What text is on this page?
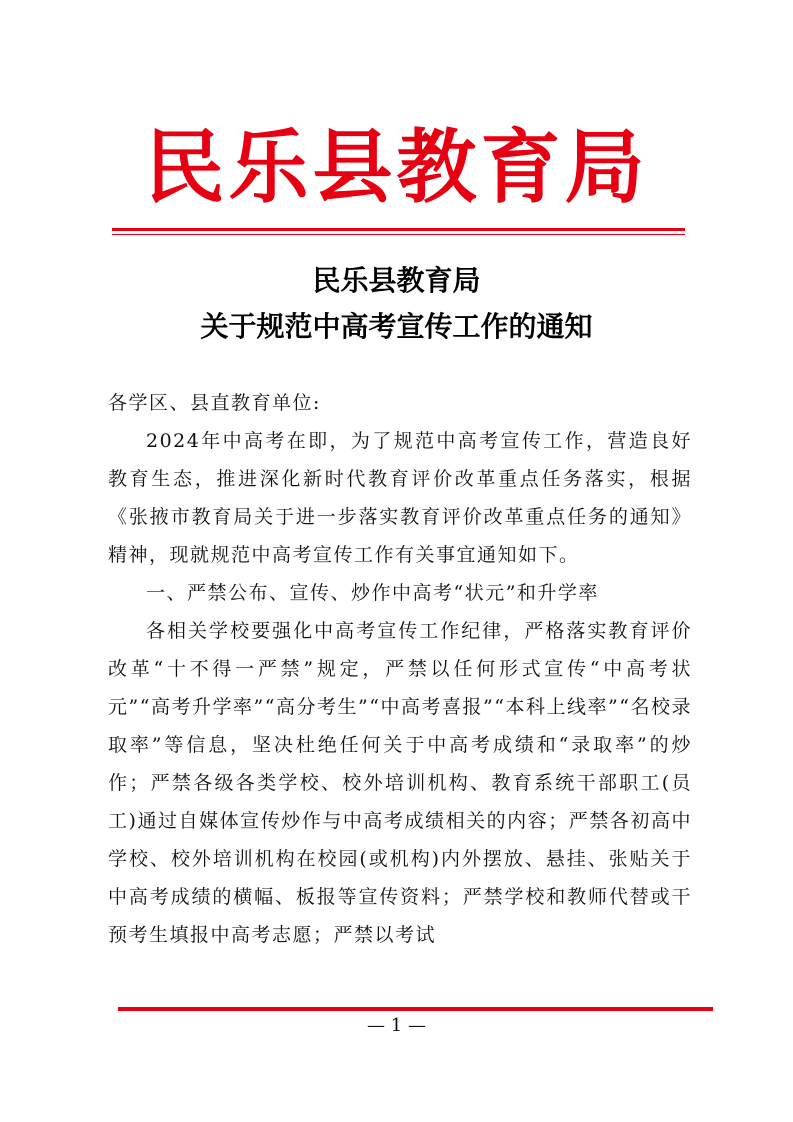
民乐县教育局
民乐县教育局
关于规范中高考宣传工作的通知

各学区、县直教育单位:

2024年中高考在即，为了规范中高考宣传工作，营造良好教育生态，推进深化新时代教育评价改革重点任务落实，根据《张掖市教育局关于进一步落实教育评价改革重点任务的通知》精神，现就规范中高考宣传工作有关事宜通知如下。

一、严禁公布、宣传、炒作中高考“状元”和升学率

各相关学校要强化中高考宣传工作纪律，严格落实教育评价改革“十不得一严禁”规定，严禁以任何形式宣传“中高考状元”“高考升学率”“高分考生”“中高考喜报”“本科上线率”“名校录取率”等信息，坚决杜绝任何关于中高考成绩和“录取率”的炒作；严禁各级各类学校、校外培训机构、教育系统干部职工(员工)通过自媒体宣传炒作与中高考成绩相关的内容；严禁各初高中学校、校外培训机构在校园(或机构)内外摆放、悬挂、张贴关于中高考成绩的横幅、板报等宣传资料；严禁学校和教师代替或干预考生填报中高考志愿；严禁以考试

— 1 —
